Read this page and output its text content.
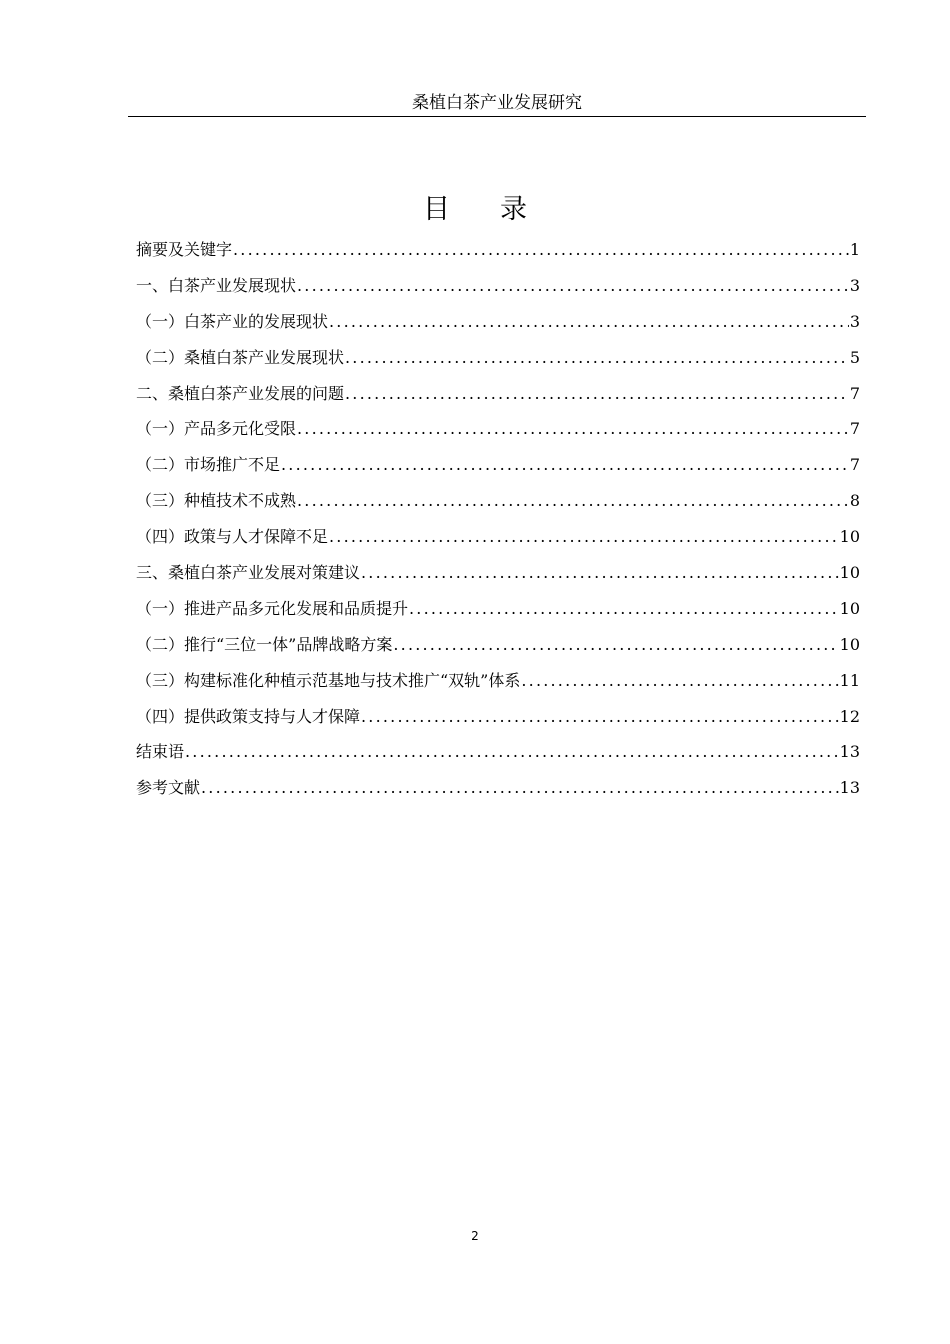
桑植白茶产业发展研究
目 录
摘要及关键字 .....	1
一、白茶产业发展现状 .....	3
（一）白茶产业的发展现状 .....	3
（二）桑植白茶产业发展现状 .....	5
二、桑植白茶产业发展的问题 .....	7
（一）产品多元化受限 .....	7
（二）市场推广不足 .....	7
（三）种植技术不成熟 .....	8
（四）政策与人才保障不足 .....	10
三、桑植白茶产业发展对策建议 .....	10
（一）推进产品多元化发展和品质提升 .....	10
（二）推行“三位一体”品牌战略方案 .....	10
（三）构建标准化种植示范基地与技术推广“双轨”体系 .....	11
（四）提供政策支持与人才保障 .....	12
结束语 .....	13
参考文献 .....	13
2
